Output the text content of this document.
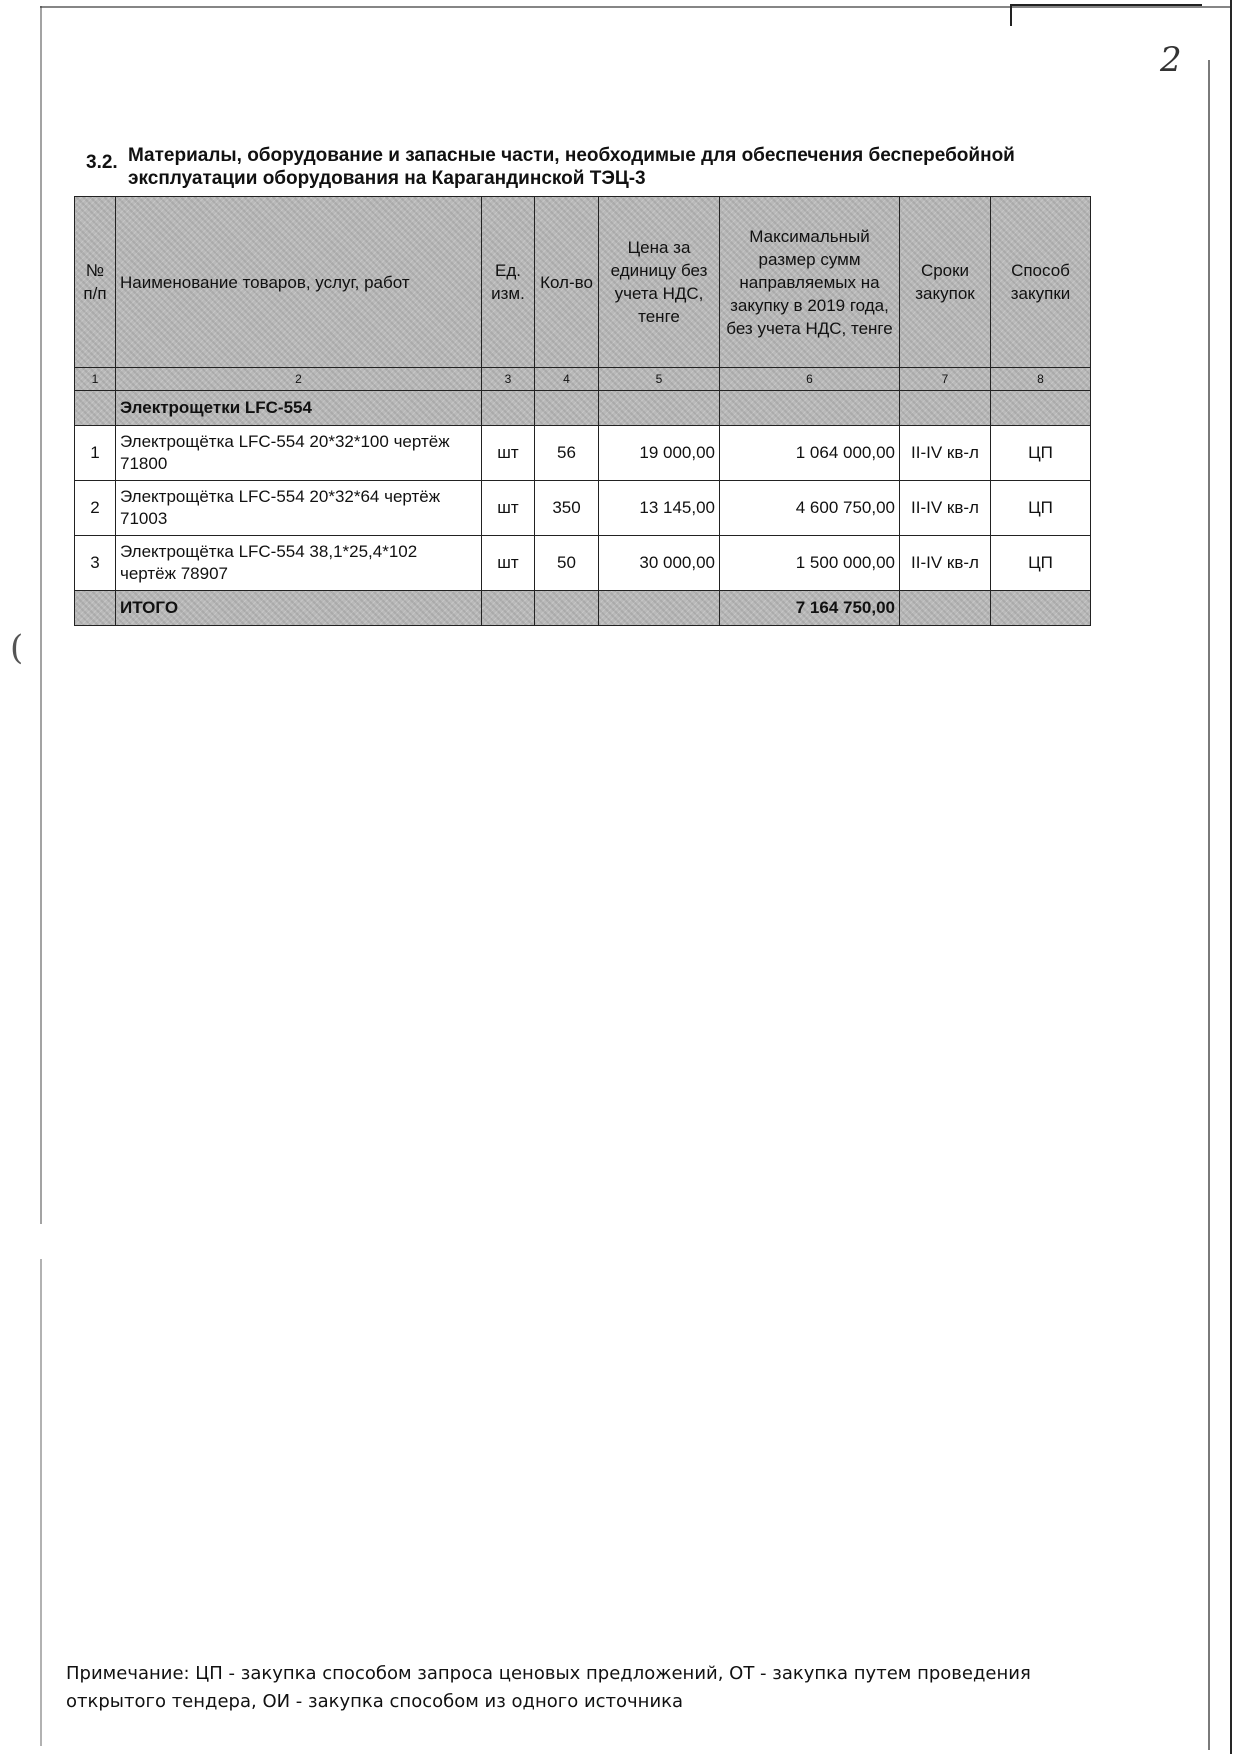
2
(
3.2. Материалы, оборудование и запасные части, необходимые для обеспечения бесперебойной эксплуатации оборудования на Карагандинской ТЭЦ-3
№ п/п	Наименование товаров, услуг, работ	Ед. изм.	Кол-во	Цена за единицу без учета НДС, тенге	Максимальный размер сумм направляемых на закупку в 2019 года, без учета НДС, тенге	Сроки закупок	Способ закупки
1	2	3	4	5	6	7	8
	Электрощетки LFC-554						
1	Электрощётка LFC-554 20*32*100 чертёж 71800	шт	56	19 000,00	1 064 000,00	II-IV кв-л	ЦП
2	Электрощётка LFC-554 20*32*64 чертёж 71003	шт	350	13 145,00	4 600 750,00	II-IV кв-л	ЦП
3	Электрощётка LFC-554 38,1*25,4*102 чертёж 78907	шт	50	30 000,00	1 500 000,00	II-IV кв-л	ЦП
	ИТОГО				7 164 750,00		
Примечание: ЦП - закупка способом запроса ценовых предложений, ОТ - закупка путем проведения открытого тендера, ОИ - закупка способом из одного источника
